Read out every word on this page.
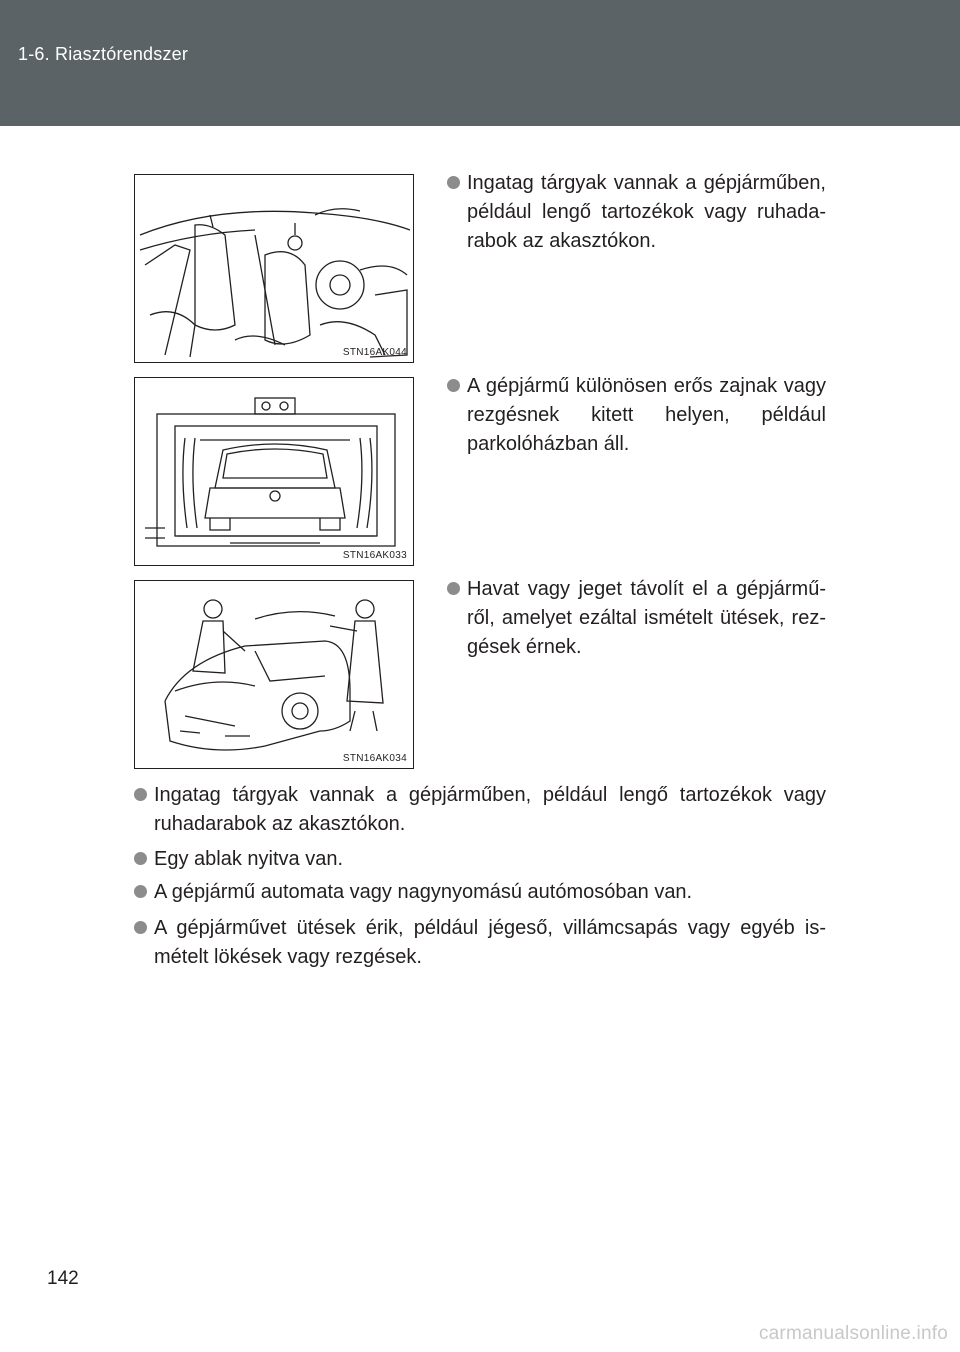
1-6. Riasztórendszer
STN16AK044
STN16AK033
STN16AK034
Ingatag tárgyak vannak a gépjárműben, például lengő tartozékok vagy ruhada-rabok az akasztókon.
A gépjármű különösen erős zajnak vagy rezgésnek kitett helyen, például parkolóházban áll.
Havat vagy jeget távolít el a gépjármű-ről, amelyet ezáltal ismételt ütések, rez-gések érnek.
Ingatag tárgyak vannak a gépjárműben, például lengő tartozékok vagy ruhadarabok az akasztókon.
Egy ablak nyitva van.
A gépjármű automata vagy nagynyomású autómosóban van.
A gépjárművet ütések érik, például jégeső, villámcsapás vagy egyéb is-mételt lökések vagy rezgések.
142
carmanualsonline.info
